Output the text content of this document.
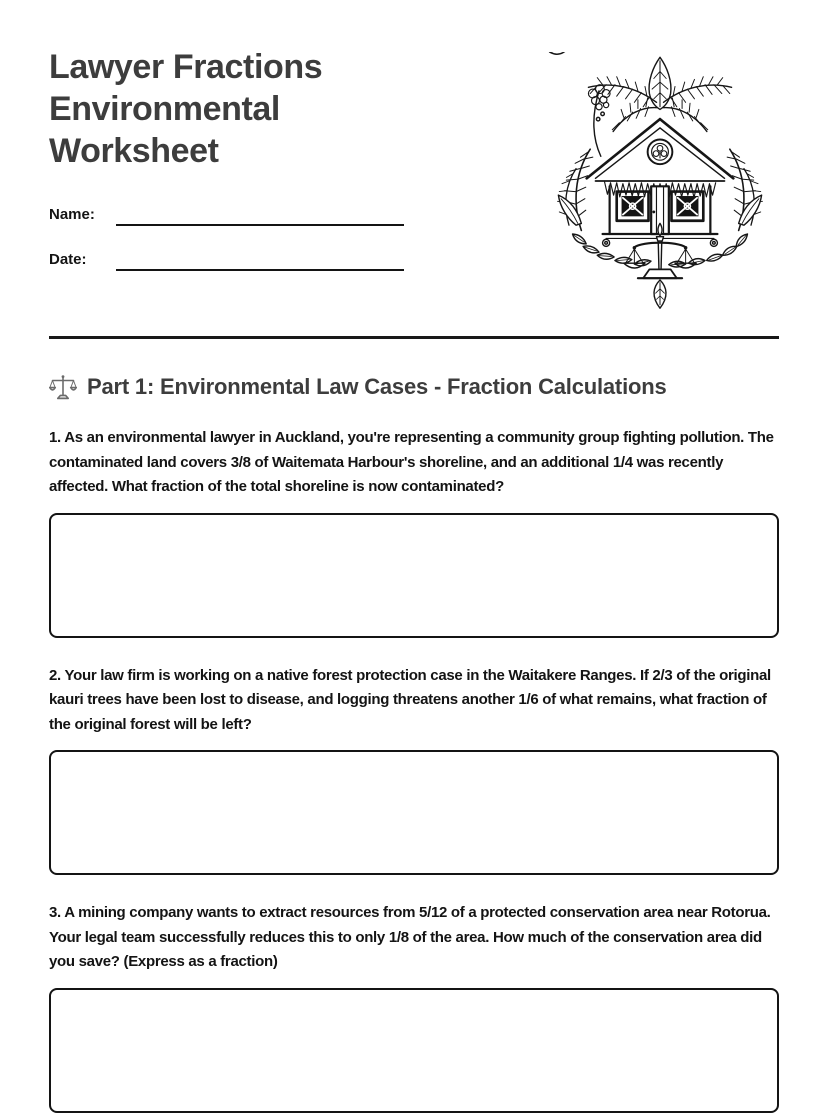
Lawyer Fractions
Environmental
Worksheet
Name:
Date:
Part 1: Environmental Law Cases - Fraction Calculations

1. As an environmental lawyer in Auckland, you're representing a community group fighting pollution. The contaminated land covers 3/8 of Waitemata Harbour's shoreline, and an additional 1/4 was recently affected. What fraction of the total shoreline is now contaminated?

2. Your law firm is working on a native forest protection case in the Waitakere Ranges. If 2/3 of the original kauri trees have been lost to disease, and logging threatens another 1/6 of what remains, what fraction of the original forest will be left?

3. A mining company wants to extract resources from 5/12 of a protected conservation area near Rotorua. Your legal team successfully reduces this to only 1/8 of the area. How much of the conservation area did you save? (Express as a fraction)
